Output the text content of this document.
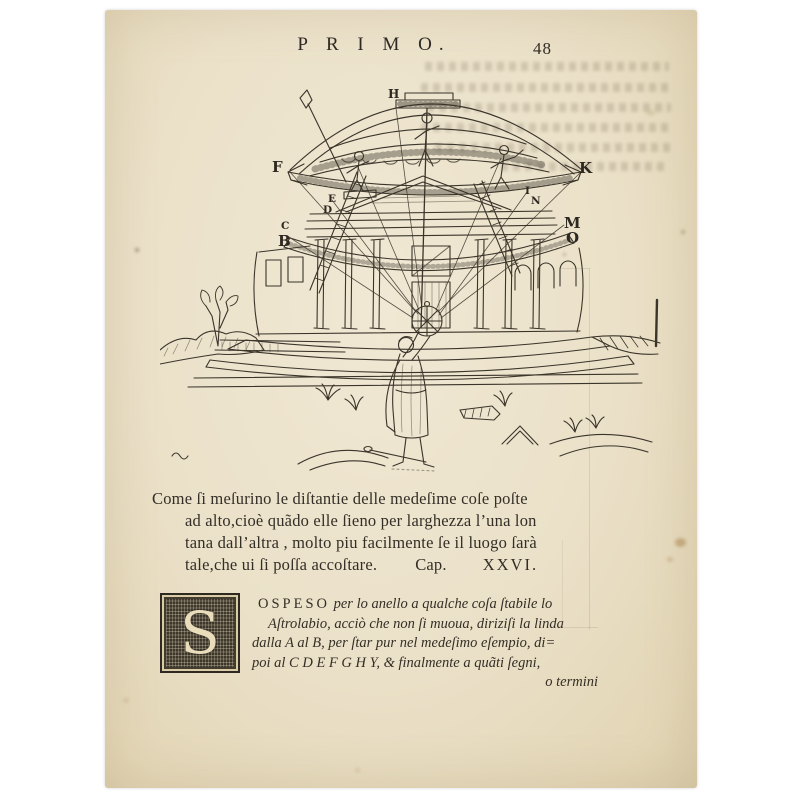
P R I M O.	48
H
F	K
E
D
C
B
I
N
M
O
Come ſi meſurino le diſtantie delle medeſime coſe poſte
ad alto,cioè quãdo elle ſieno per larghezza l’una lon
tana dall’altra , molto piu facilmente ſe il luogo ſarà
tale,che ui ſi poſſa accoſtare. Cap. XXVI.
S	OSPESO per lo anello a qualche coſa ſtabile lo
Aſtrolabio, acciò che non ſi muoua, diriziſi la linda
dalla A al B, per ſtar pur nel medeſimo eſempio, di=
poi al C D E F G H Y, & finalmente a quãti ſegni,
o termini
